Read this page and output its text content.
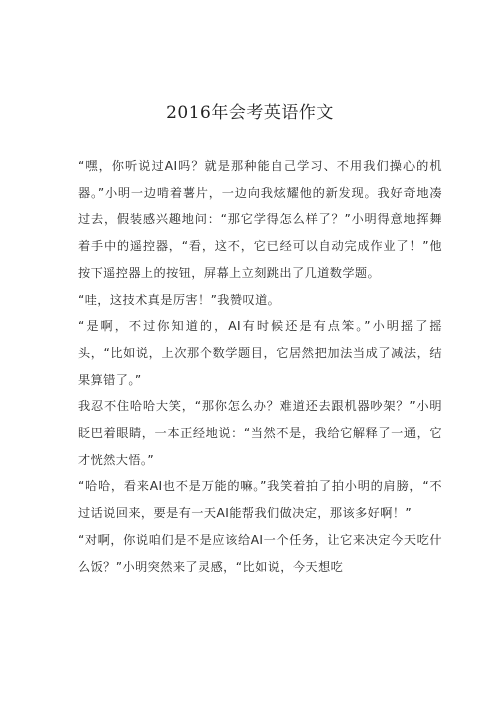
2016年会考英语作文

“嘿，你听说过AI吗？就是那种能自己学习、不用我们操心的机器。”小明一边啃着薯片，一边向我炫耀他的新发现。我好奇地凑过去，假装感兴趣地问：“那它学得怎么样了？”小明得意地挥舞着手中的遥控器，“看，这不，它已经可以自动完成作业了！”他按下遥控器上的按钮，屏幕上立刻跳出了几道数学题。

“哇，这技术真是厉害！”我赞叹道。

“是啊，不过你知道的，AI有时候还是有点笨。”小明摇了摇头，“比如说，上次那个数学题目，它居然把加法当成了减法，结果算错了。”

我忍不住哈哈大笑，“那你怎么办？难道还去跟机器吵架？”小明眨巴着眼睛，一本正经地说：“当然不是，我给它解释了一通，它才恍然大悟。”

“哈哈，看来AI也不是万能的嘛。”我笑着拍了拍小明的肩膀，“不过话说回来，要是有一天AI能帮我们做决定，那该多好啊！”

“对啊，你说咱们是不是应该给AI一个任务，让它来决定今天吃什么饭？”小明突然来了灵感，“比如说，今天想吃
